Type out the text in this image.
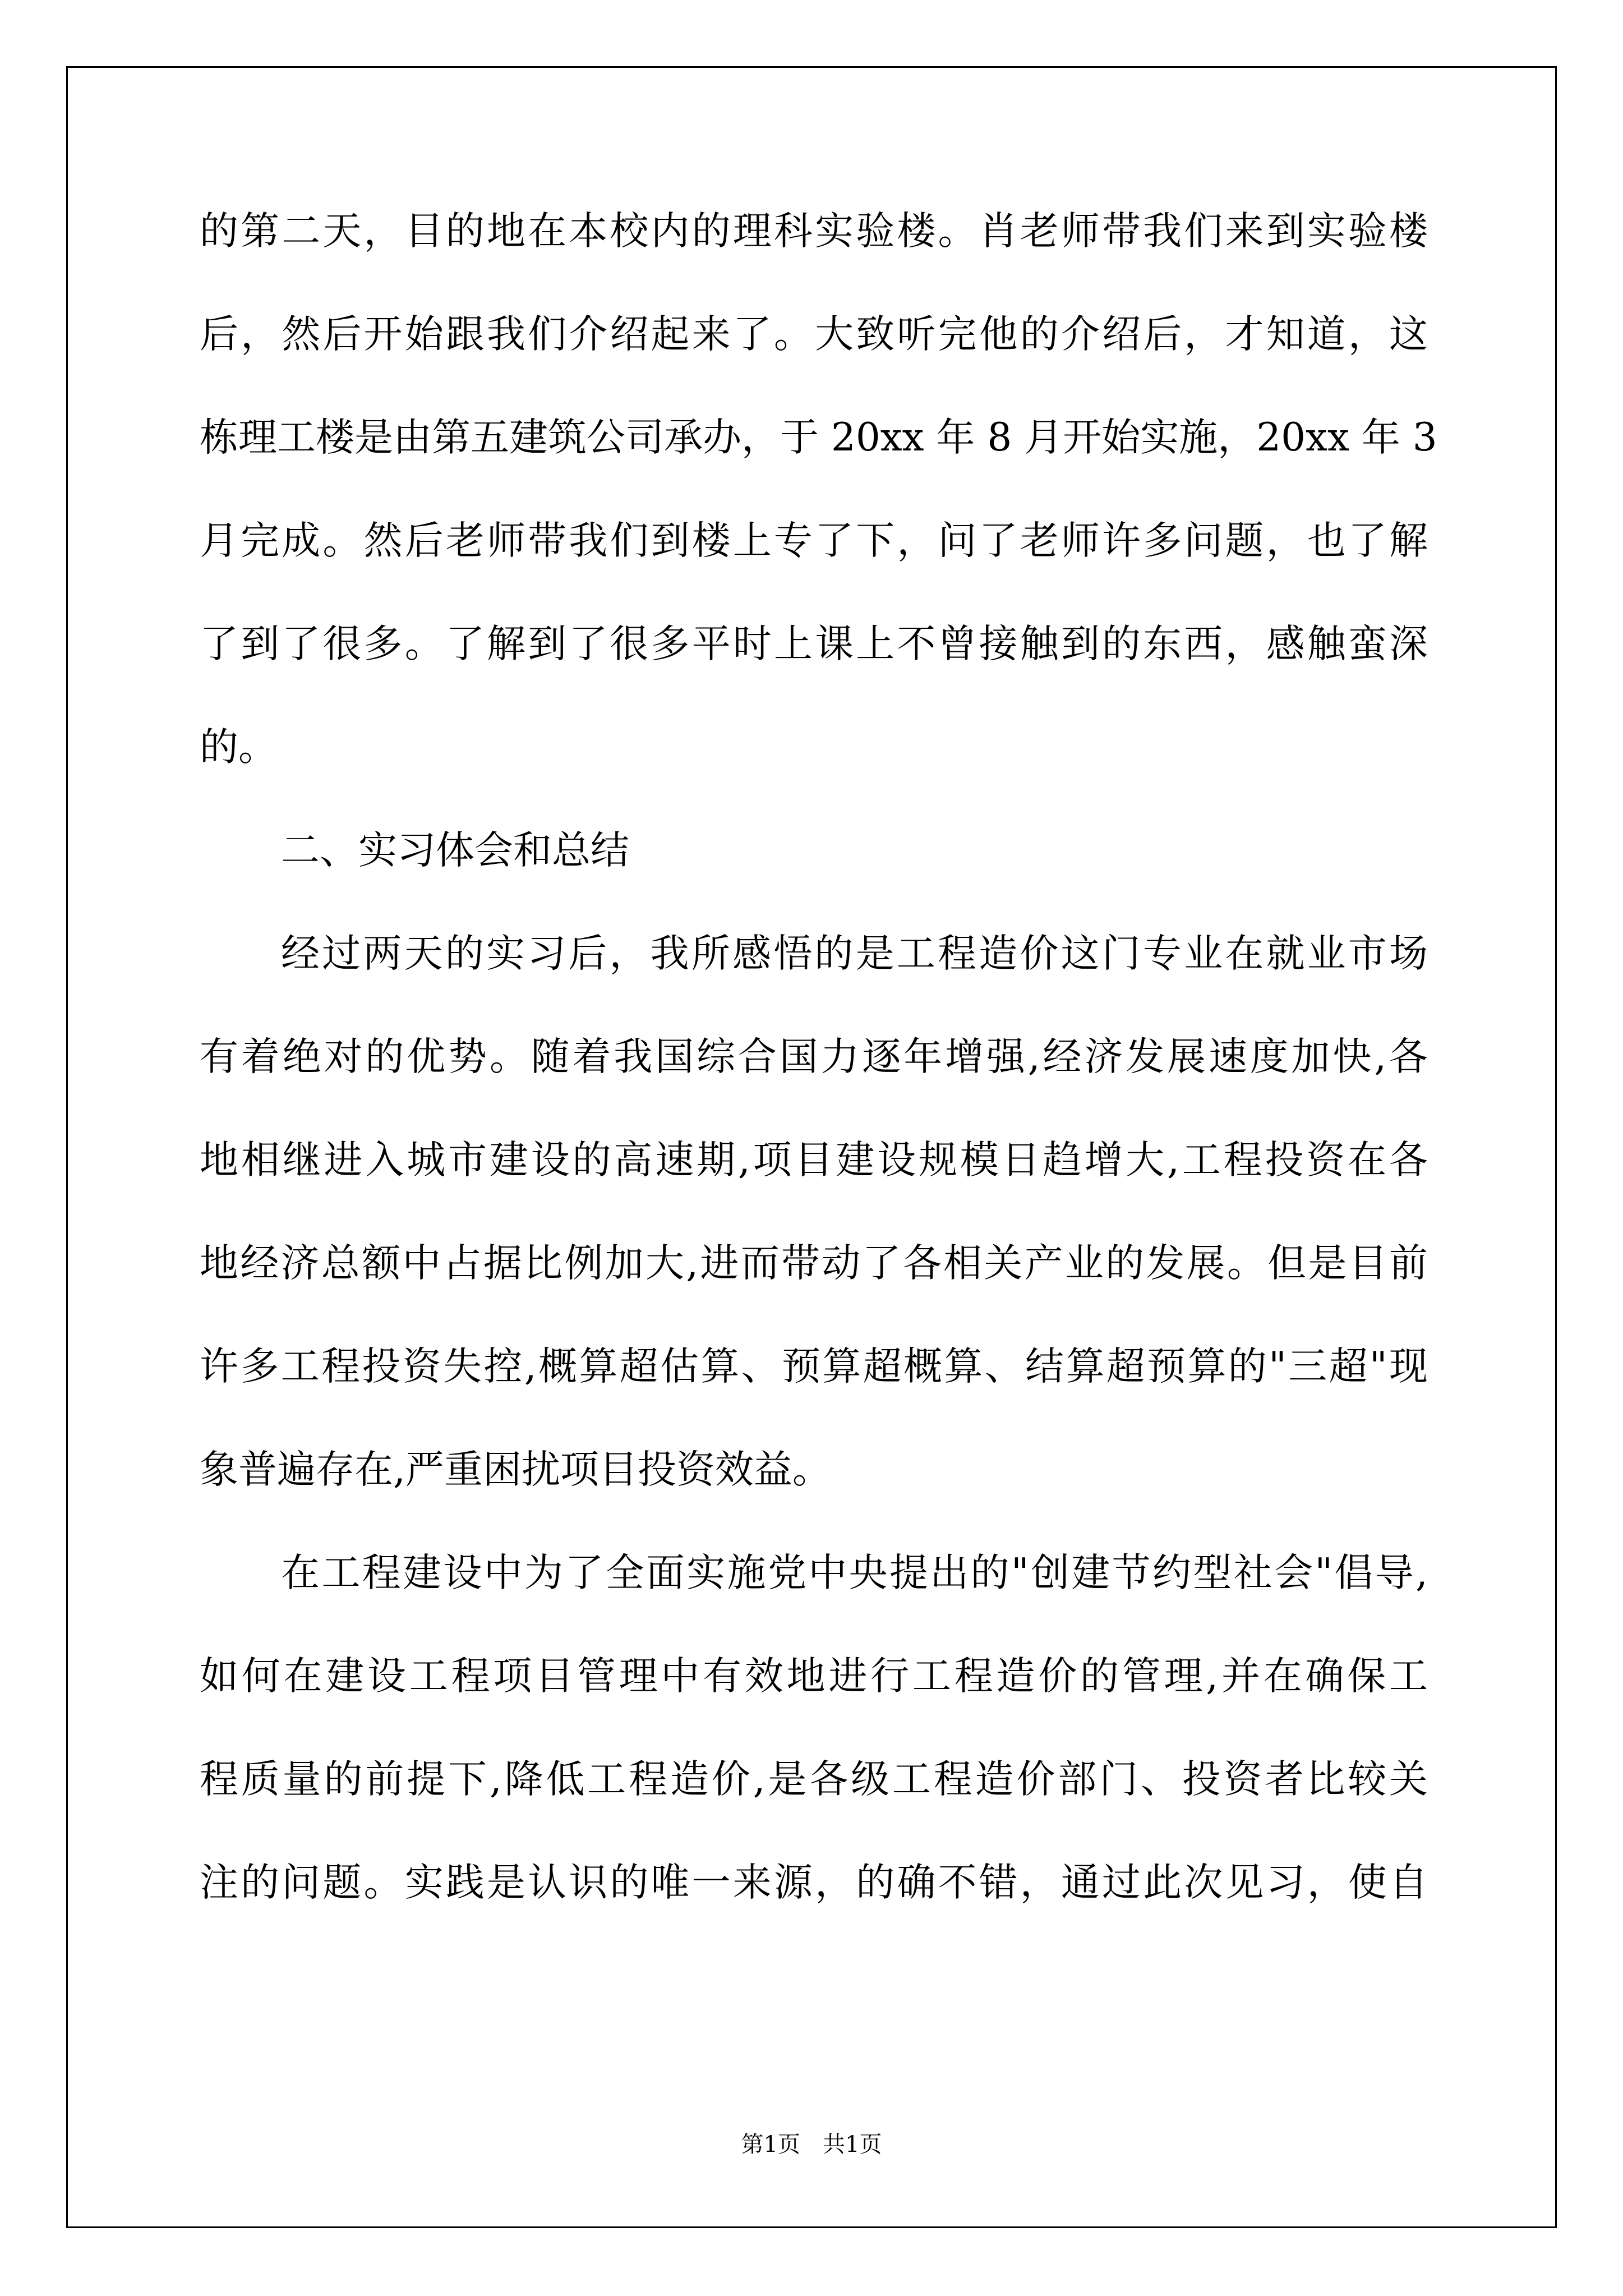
的第二天，目的地在本校内的理科实验楼。肖老师带我们来到实验楼
后，然后开始跟我们介绍起来了。大致听完他的介绍后，才知道，这
栋理工楼是由第五建筑公司承办，于 20xx 年 8 月开始实施，20xx 年 3
月完成。然后老师带我们到楼上专了下，问了老师许多问题，也了解
了到了很多。了解到了很多平时上课上不曾接触到的东西，感触蛮深
的。
二、实习体会和总结
经过两天的实习后，我所感悟的是工程造价这门专业在就业市场
有着绝对的优势。随着我国综合国力逐年增强,经济发展速度加快,各
地相继进入城市建设的高速期,项目建设规模日趋增大,工程投资在各
地经济总额中占据比例加大,进而带动了各相关产业的发展。但是目前
许多工程投资失控,概算超估算、预算超概算、结算超预算的"三超"现
象普遍存在,严重困扰项目投资效益。
在工程建设中为了全面实施党中央提出的"创建节约型社会"倡导,
如何在建设工程项目管理中有效地进行工程造价的管理,并在确保工
程质量的前提下,降低工程造价,是各级工程造价部门、投资者比较关
注的问题。实践是认识的唯一来源，的确不错，通过此次见习，使自
第1页　共1页
